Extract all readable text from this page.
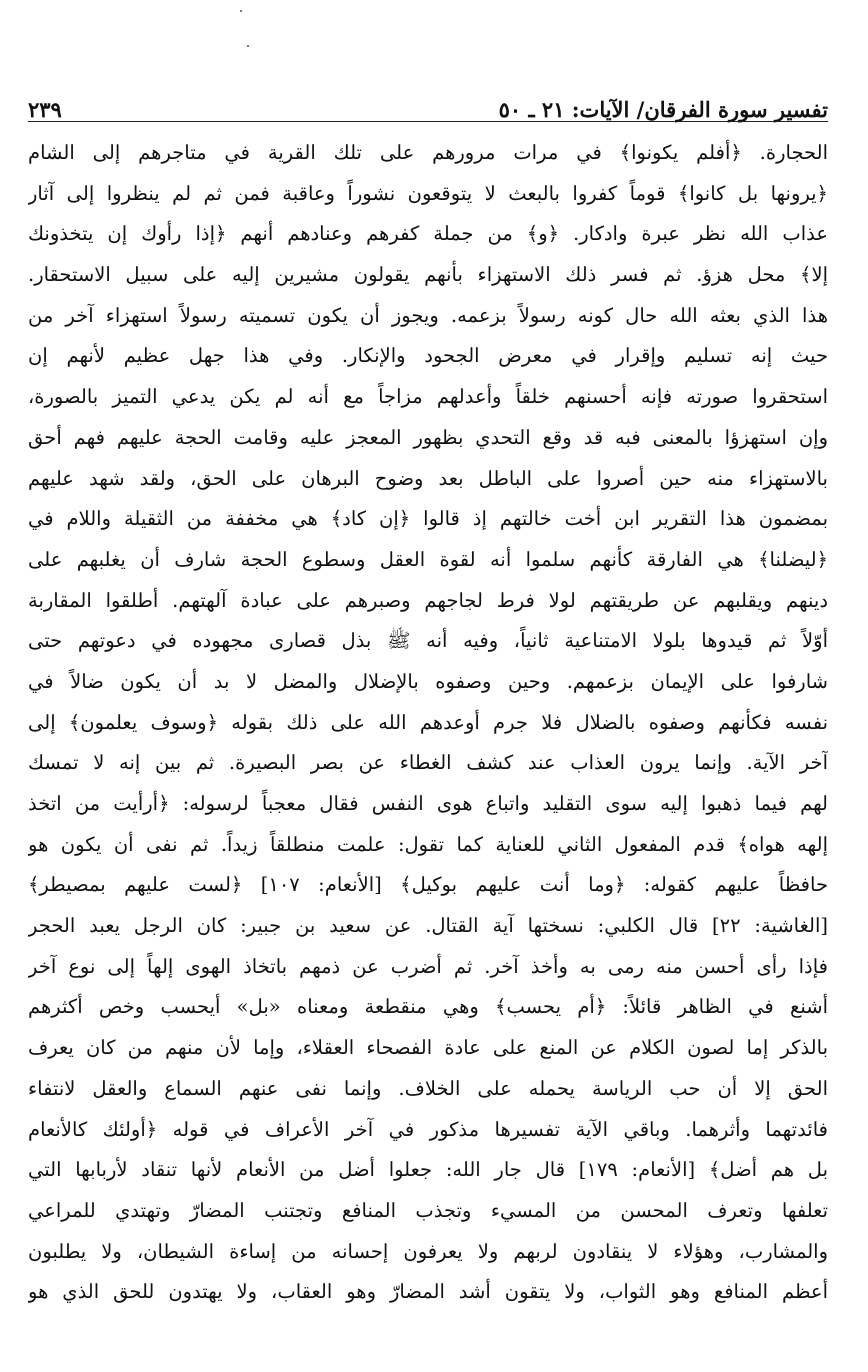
تفسير سورة الفرقان/ الآيات: ٢١ ـ ٥٠
٢٣٩
الحجارة. ﴿أفلم يكونوا﴾ في مرات مرورهم على تلك القرية في متاجرهم إلى الشام
﴿يرونها بل كانوا﴾ قوماً كفروا بالبعث لا يتوقعون نشوراً وعاقبة فمن ثم لم ينظروا إلى آثار
عذاب الله نظر عبرة وادكار. ﴿و﴾ من جملة كفرهم وعنادهم أنهم ﴿إذا رأوك إن يتخذونك
إلا﴾ محل هزؤ. ثم فسر ذلك الاستهزاء بأنهم يقولون مشيرين إليه على سبيل الاستحقار.
هذا الذي بعثه الله حال كونه رسولاً بزعمه. ويجوز أن يكون تسميته رسولاً استهزاء آخر من
حيث إنه تسليم وإقرار في معرض الجحود والإنكار. وفي هذا جهل عظيم لأنهم إن
استحقروا صورته فإنه أحسنهم خلقاً وأعدلهم مزاجاً مع أنه لم يكن يدعي التميز بالصورة،
وإن استهزؤا بالمعنى فبه قد وقع التحدي بظهور المعجز عليه وقامت الحجة عليهم فهم أحق
بالاستهزاء منه حين أصروا على الباطل بعد وضوح البرهان على الحق، ولقد شهد عليهم
بمضمون هذا التقرير ابن أخت خالتهم إذ قالوا ﴿إن كاد﴾ هي مخففة من الثقيلة واللام في
﴿ليضلنا﴾ هي الفارقة كأنهم سلموا أنه لقوة العقل وسطوع الحجة شارف أن يغلبهم على
دينهم ويقلبهم عن طريقتهم لولا فرط لجاجهم وصبرهم على عبادة آلهتهم. أطلقوا المقاربة
أوّلاً ثم قيدوها بلولا الامتناعية ثانياً، وفيه أنه ﷺ بذل قصارى مجهوده في دعوتهم حتى
شارفوا على الإيمان بزعمهم. وحين وصفوه بالإضلال والمضل لا بد أن يكون ضالاً في
نفسه فكأنهم وصفوه بالضلال فلا جرم أوعدهم الله على ذلك بقوله ﴿وسوف يعلمون﴾ إلى
آخر الآية. وإنما يرون العذاب عند كشف الغطاء عن بصر البصيرة. ثم بين إنه لا تمسك
لهم فيما ذهبوا إليه سوى التقليد واتباع هوى النفس فقال معجباً لرسوله: ﴿أرأيت من اتخذ
إلهه هواه﴾ قدم المفعول الثاني للعناية كما تقول: علمت منطلقاً زيداً. ثم نفى أن يكون هو
حافظاً عليهم كقوله: ﴿وما أنت عليهم بوكيل﴾ [الأنعام: ١٠٧] ﴿لست عليهم بمصيطر﴾
[الغاشية: ٢٢] قال الكلبي: نسختها آية القتال. عن سعيد بن جبير: كان الرجل يعبد الحجر
فإذا رأى أحسن منه رمى به وأخذ آخر. ثم أضرب عن ذمهم باتخاذ الهوى إلهاً إلى نوع آخر
أشنع في الظاهر قائلاً: ﴿أم يحسب﴾ وهي منقطعة ومعناه «بل» أيحسب وخص أكثرهم
بالذكر إما لصون الكلام عن المنع على عادة الفصحاء العقلاء، وإما لأن منهم من كان يعرف
الحق إلا أن حب الرياسة يحمله على الخلاف. وإنما نفى عنهم السماع والعقل لانتفاء
فائدتهما وأثرهما. وباقي الآية تفسيرها مذكور في آخر الأعراف في قوله ﴿أولئك كالأنعام
بل هم أضل﴾ [الأنعام: ١٧٩] قال جار الله: جعلوا أضل من الأنعام لأنها تنقاد لأربابها التي
تعلفها وتعرف المحسن من المسيء وتجذب المنافع وتجتنب المضارّ وتهتدي للمراعي
والمشارب، وهؤلاء لا ينقادون لربهم ولا يعرفون إحسانه من إساءة الشيطان، ولا يطلبون
أعظم المنافع وهو الثواب، ولا يتقون أشد المضارّ وهو العقاب، ولا يهتدون للحق الذي هو
